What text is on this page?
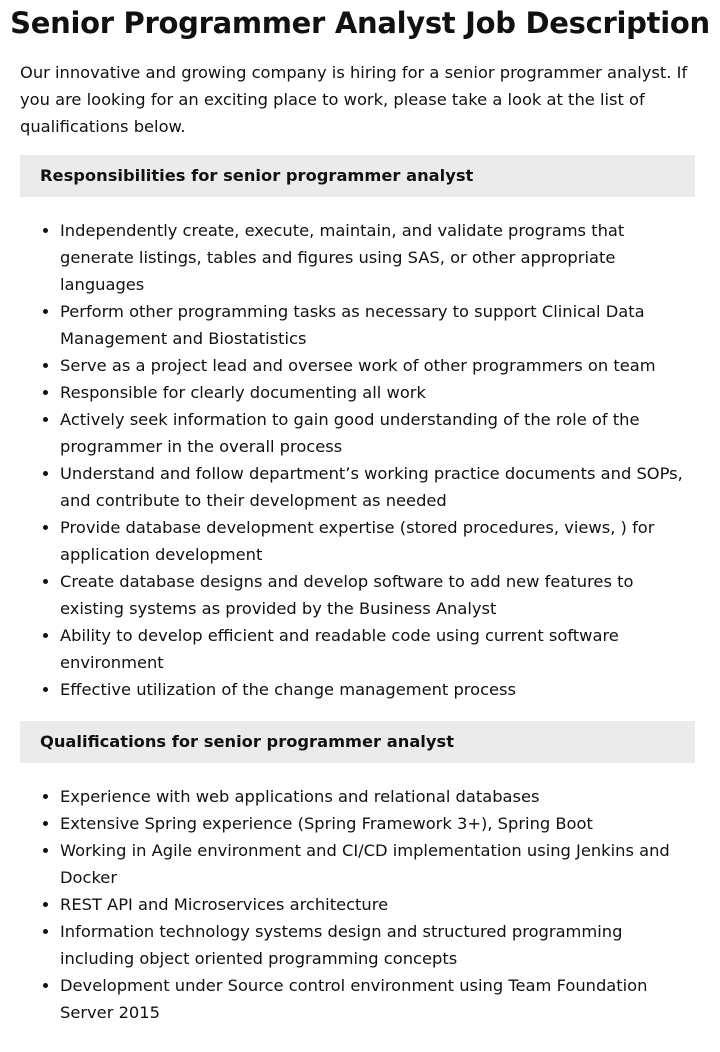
Senior Programmer Analyst Job Description

Our innovative and growing company is hiring for a senior programmer analyst. If you are looking for an exciting place to work, please take a look at the list of qualifications below.

Responsibilities for senior programmer analyst
• Independently create, execute, maintain, and validate programs that generate listings, tables and figures using SAS, or other appropriate languages
• Perform other programming tasks as necessary to support Clinical Data Management and Biostatistics
• Serve as a project lead and oversee work of other programmers on team
• Responsible for clearly documenting all work
• Actively seek information to gain good understanding of the role of the programmer in the overall process
• Understand and follow department’s working practice documents and SOPs, and contribute to their development as needed
• Provide database development expertise (stored procedures, views, ) for application development
• Create database designs and develop software to add new features to existing systems as provided by the Business Analyst
• Ability to develop efficient and readable code using current software environment
• Effective utilization of the change management process
Qualifications for senior programmer analyst
• Experience with web applications and relational databases
• Extensive Spring experience (Spring Framework 3+), Spring Boot
• Working in Agile environment and CI/CD implementation using Jenkins and Docker
• REST API and Microservices architecture
• Information technology systems design and structured programming including object oriented programming concepts
• Development under Source control environment using Team Foundation Server 2015
